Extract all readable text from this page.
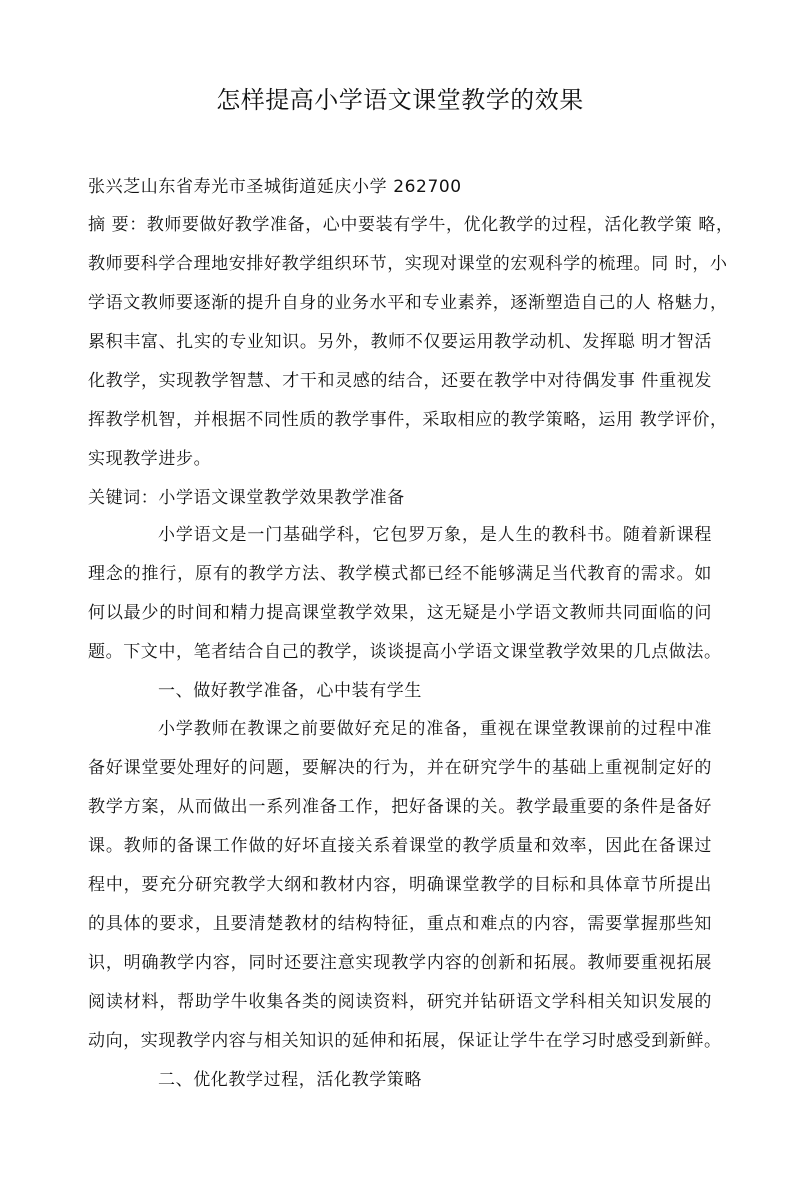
怎样提高小学语文课堂教学的效果
张兴芝山东省寿光市圣城街道延庆小学 262700
摘 要：教师要做好教学准备，心中要装有学牛，优化教学的过程，活化教学策 略，
教师要科学合理地安排好教学组织环节，实现对课堂的宏观科学的梳理。同 时，小
学语文教师要逐渐的提升自身的业务水平和专业素养，逐渐塑造自己的人 格魅力，
累积丰富、扎实的专业知识。另外，教师不仅要运用教学动机、发挥聪 明才智活
化教学，实现教学智慧、才干和灵感的结合，还要在教学中对待偶发事 件重视发
挥教学机智，并根据不同性质的教学事件，采取相应的教学策略，运用 教学评价，
实现教学进步。
关键词：小学语文课堂教学效果教学准备
小学语文是一门基础学科，它包罗万象，是人生的教科书。随着新课程
理念的推行，原有的教学方法、教学模式都已经不能够满足当代教育的需求。如
何以最少的时间和精力提高课堂教学效果，这无疑是小学语文教师共同面临的问
题。下文中，笔者结合自己的教学，谈谈提高小学语文课堂教学效果的几点做法。
一、做好教学准备，心中装有学生
小学教师在教课之前要做好充足的准备，重视在课堂教课前的过程中准
备好课堂要处理好的问题，要解决的行为，并在研究学牛的基础上重视制定好的
教学方案，从而做出一系列准备工作，把好备课的关。教学最重要的条件是备好
课。教师的备课工作做的好坏直接关系着课堂的教学质量和效率，因此在备课过
程中，要充分研究教学大纲和教材内容，明确课堂教学的目标和具体章节所提出
的具体的要求，且要清楚教材的结构特征，重点和难点的内容，需要掌握那些知
识，明确教学内容，同时还要注意实现教学内容的创新和拓展。教师要重视拓展
阅读材料，帮助学牛收集各类的阅读资料，研究并钻研语文学科相关知识发展的
动向，实现教学内容与相关知识的延伸和拓展，保证让学牛在学习时感受到新鲜。
二、优化教学过程，活化教学策略
